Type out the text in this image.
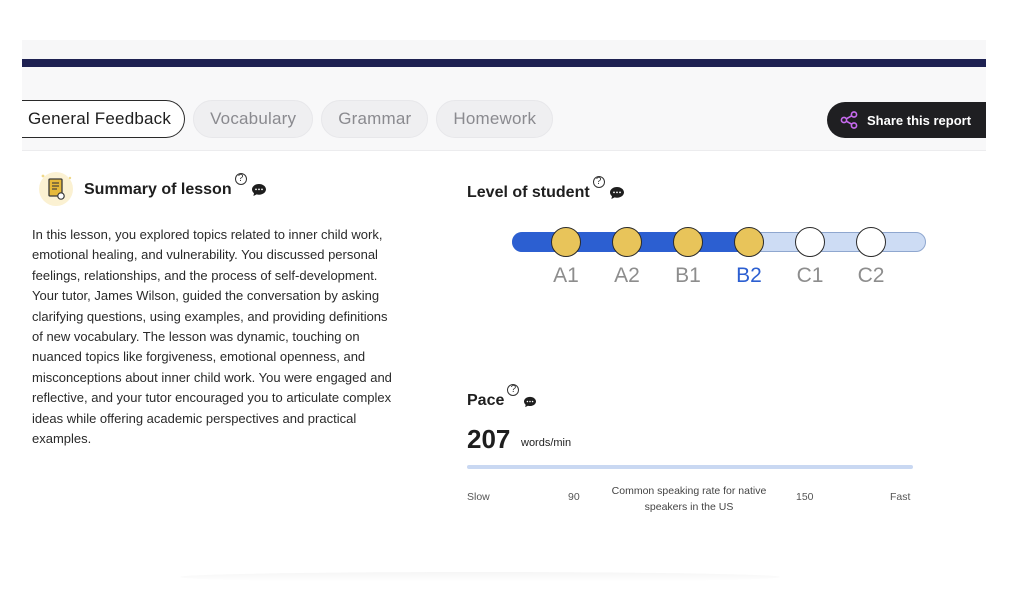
General Feedback	Vocabulary	Grammar	Homework	Share this report
Summary of lesson
?
In this lesson, you explored topics related to inner child work, emotional healing, and vulnerability. You discussed personal feelings, relationships, and the process of self-development. Your tutor, James Wilson, guided the conversation by asking clarifying questions, using examples, and providing definitions of new vocabulary. The lesson was dynamic, touching on nuanced topics like forgiveness, emotional openness, and misconceptions about inner child work. You were engaged and reflective, and your tutor encouraged you to articulate complex ideas while offering academic perspectives and practical examples.
Level of student
?
A1	A2	B1	B2	C1	C2
Pace
?
207 words/min
Slow	90	Common speaking rate for native speakers in the US
150	Fast
